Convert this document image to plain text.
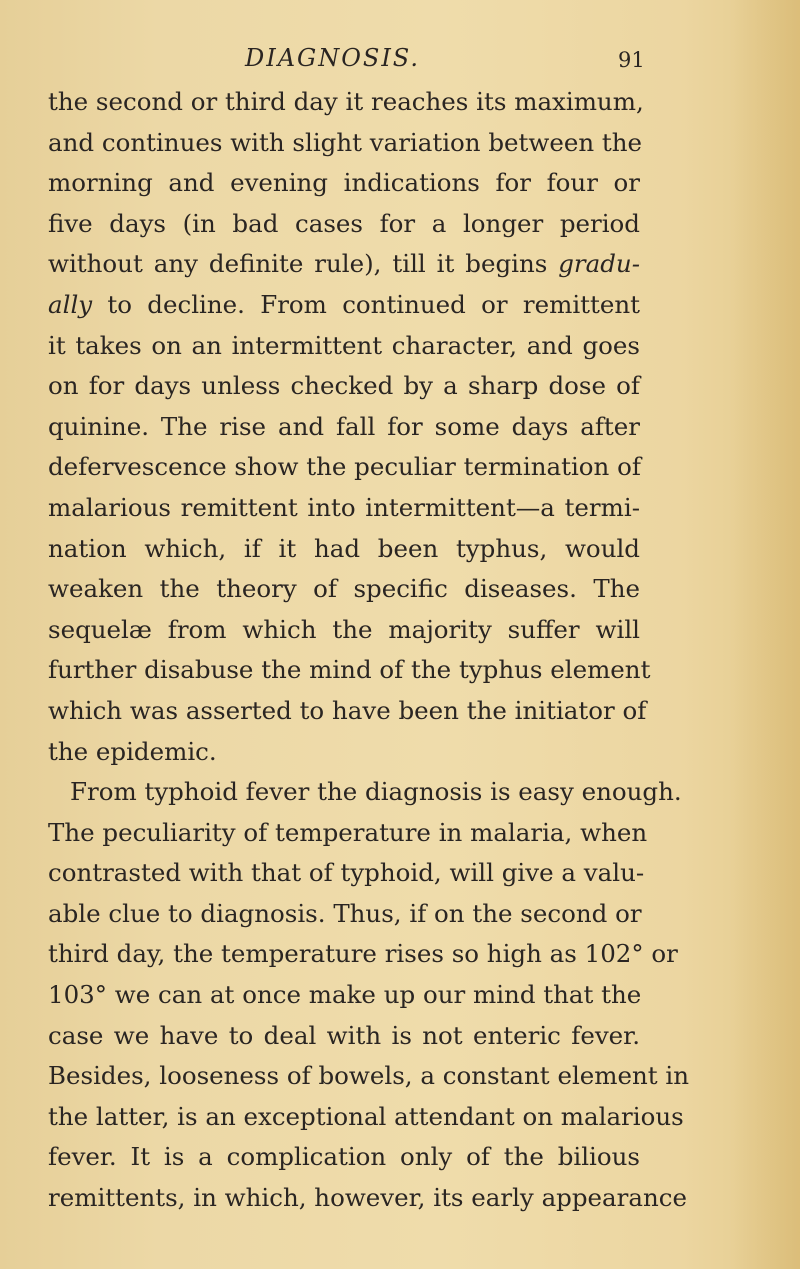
DIAGNOSIS.	91
the second or third day it reaches its maximum,
and continues with slight variation between the
morning and evening indications for four or
five days (in bad cases for a longer period
without any definite rule), till it begins gradu-
ally to decline. From continued or remittent
it takes on an intermittent character, and goes
on for days unless checked by a sharp dose of
quinine. The rise and fall for some days after
defervescence show the peculiar termination of
malarious remittent into intermittent—a termi-
nation which, if it had been typhus, would
weaken the theory of specific diseases. The
sequelæ from which the majority suffer will
further disabuse the mind of the typhus element
which was asserted to have been the initiator of
the epidemic.
From typhoid fever the diagnosis is easy enough.
The peculiarity of temperature in malaria, when
contrasted with that of typhoid, will give a valu-
able clue to diagnosis. Thus, if on the second or
third day, the temperature rises so high as 102° or
103° we can at once make up our mind that the
case we have to deal with is not enteric fever.
Besides, looseness of bowels, a constant element in
the latter, is an exceptional attendant on malarious
fever. It is a complication only of the bilious
remittents, in which, however, its early appearance
